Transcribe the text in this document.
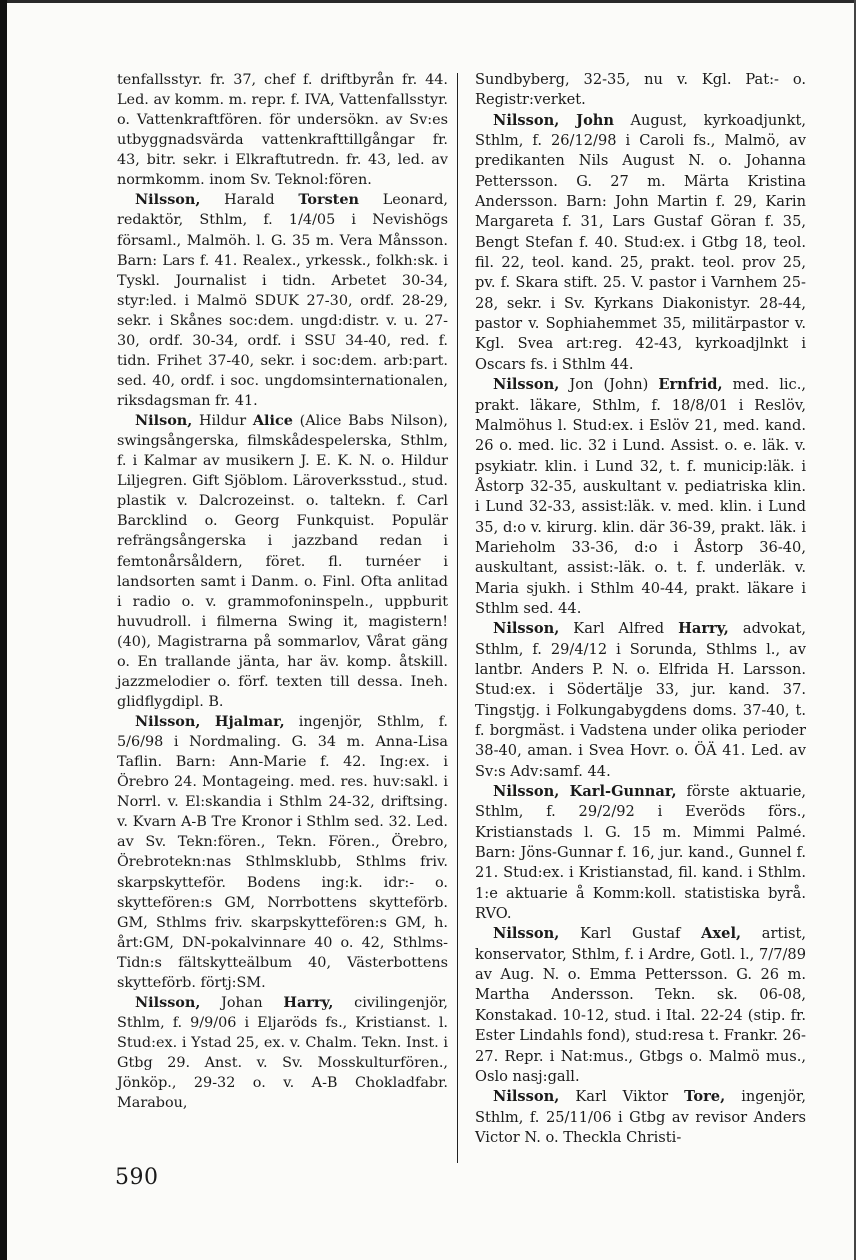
tenfallsstyr. fr. 37, chef f. driftbyrån fr. 44. Led. av komm. m. repr. f. IVA, Vattenfallsstyr. o. Vattenkraftfören. för undersökn. av Sv:es utbyggnadsvärda vattenkrafttillgångar fr. 43, bitr. sekr. i Elkraftutredn. fr. 43, led. av normkomm. inom Sv. Teknol:fören.

Nilsson, Harald Torsten Leonard, redaktör, Sthlm, f. 1/4/05 i Nevishögs församl., Malmöh. l. G. 35 m. Vera Månsson. Barn: Lars f. 41. Realex., yrkessk., folkh:sk. i Tyskl. Journalist i tidn. Arbetet 30-34, styr:led. i Malmö SDUK 27-30, ordf. 28-29, sekr. i Skånes soc:dem. ungd:distr. v. u. 27-30, ordf. 30-34, ordf. i SSU 34-40, red. f. tidn. Frihet 37-40, sekr. i soc:dem. arb:part. sed. 40, ordf. i soc. ungdomsinternationalen, riksdagsman fr. 41.

Nilson, Hildur Alice (Alice Babs Nilson), swingsångerska, filmskådespelerska, Sthlm, f. i Kalmar av musikern J. E. K. N. o. Hildur Liljegren. Gift Sjöblom. Läroverksstud., stud. plastik v. Dalcrozeinst. o. taltekn. f. Carl Barcklind o. Georg Funkquist. Populär refrängsångerska i jazzband redan i femtonårsåldern, föret. fl. turnéer i landsorten samt i Danm. o. Finl. Ofta anlitad i radio o. v. grammofoninspeln., uppburit huvudroll. i filmerna Swing it, magistern! (40), Magistrarna på sommarlov, Vårat gäng o. En trallande jänta, har äv. komp. åtskill. jazzmelodier o. förf. texten till dessa. Ineh. glidflygdipl. B.

Nilsson, Hjalmar, ingenjör, Sthlm, f. 5/6/98 i Nordmaling. G. 34 m. Anna-Lisa Taflin. Barn: Ann-Marie f. 42. Ing:ex. i Örebro 24. Montageing. med. res. huv:sakl. i Norrl. v. El:skandia i Sthlm 24-32, driftsing. v. Kvarn A-B Tre Kronor i Sthlm sed. 32. Led. av Sv. Tekn:fören., Tekn. Fören., Örebro, Örebrotekn:nas Sthlmsklubb, Sthlms friv. skarpskytteför. Bodens ing:k. idr:- o. skyttefören:s GM, Norrbottens skytteförb. GM, Sthlms friv. skarpskyttefören:s GM, h. årt:GM, DN-pokalvinnare 40 o. 42, Sthlms-Tidn:s fältskytteälbum 40, Västerbottens skytteförb. förtj:SM.

Nilsson, Johan Harry, civilingenjör, Sthlm, f. 9/9/06 i Eljaröds fs., Kristianst. l. Stud:ex. i Ystad 25, ex. v. Chalm. Tekn. Inst. i Gtbg 29. Anst. v. Sv. Mosskulturfören., Jönköp., 29-32 o. v. A-B Chokladfabr. Marabou,

Sundbyberg, 32-35, nu v. Kgl. Pat:- o. Registr:verket.

Nilsson, John August, kyrkoadjunkt, Sthlm, f. 26/12/98 i Caroli fs., Malmö, av predikanten Nils August N. o. Johanna Pettersson. G. 27 m. Märta Kristina Andersson. Barn: John Martin f. 29, Karin Margareta f. 31, Lars Gustaf Göran f. 35, Bengt Stefan f. 40. Stud:ex. i Gtbg 18, teol. fil. 22, teol. kand. 25, prakt. teol. prov 25, pv. f. Skara stift. 25. V. pastor i Varnhem 25-28, sekr. i Sv. Kyrkans Diakonistyr. 28-44, pastor v. Sophiahemmet 35, militärpastor v. Kgl. Svea art:reg. 42-43, kyrkoadjlnkt i Oscars fs. i Sthlm 44.

Nilsson, Jon (John) Ernfrid, med. lic., prakt. läkare, Sthlm, f. 18/8/01 i Reslöv, Malmöhus l. Stud:ex. i Eslöv 21, med. kand. 26 o. med. lic. 32 i Lund. Assist. o. e. läk. v. psykiatr. klin. i Lund 32, t. f. municip:läk. i Åstorp 32-35, auskultant v. pediatriska klin. i Lund 32-33, assist:läk. v. med. klin. i Lund 35, d:o v. kirurg. klin. där 36-39, prakt. läk. i Marieholm 33-36, d:o i Åstorp 36-40, auskultant, assist:-läk. o. t. f. underläk. v. Maria sjukh. i Sthlm 40-44, prakt. läkare i Sthlm sed. 44.

Nilsson, Karl Alfred Harry, advokat, Sthlm, f. 29/4/12 i Sorunda, Sthlms l., av lantbr. Anders P. N. o. Elfrida H. Larsson. Stud:ex. i Södertälje 33, jur. kand. 37. Tingstjg. i Folkungabygdens doms. 37-40, t. f. borgmäst. i Vadstena under olika perioder 38-40, aman. i Svea Hovr. o. ÖÄ 41. Led. av Sv:s Adv:samf. 44.

Nilsson, Karl-Gunnar, förste aktuarie, Sthlm, f. 29/2/92 i Everöds förs., Kristianstads l. G. 15 m. Mimmi Palmé. Barn: Jöns-Gunnar f. 16, jur. kand., Gunnel f. 21. Stud:ex. i Kristianstad, fil. kand. i Sthlm. 1:e aktuarie å Komm:koll. statistiska byrå. RVO.

Nilsson, Karl Gustaf Axel, artist, konservator, Sthlm, f. i Ardre, Gotl. l., 7/7/89 av Aug. N. o. Emma Pettersson. G. 26 m. Martha Andersson. Tekn. sk. 06-08, Konstakad. 10-12, stud. i Ital. 22-24 (stip. fr. Ester Lindahls fond), stud:resa t. Frankr. 26-27. Repr. i Nat:mus., Gtbgs o. Malmö mus., Oslo nasj:gall.

Nilsson, Karl Viktor Tore, ingenjör, Sthlm, f. 25/11/06 i Gtbg av revisor Anders Victor N. o. Theckla Christi-

590
